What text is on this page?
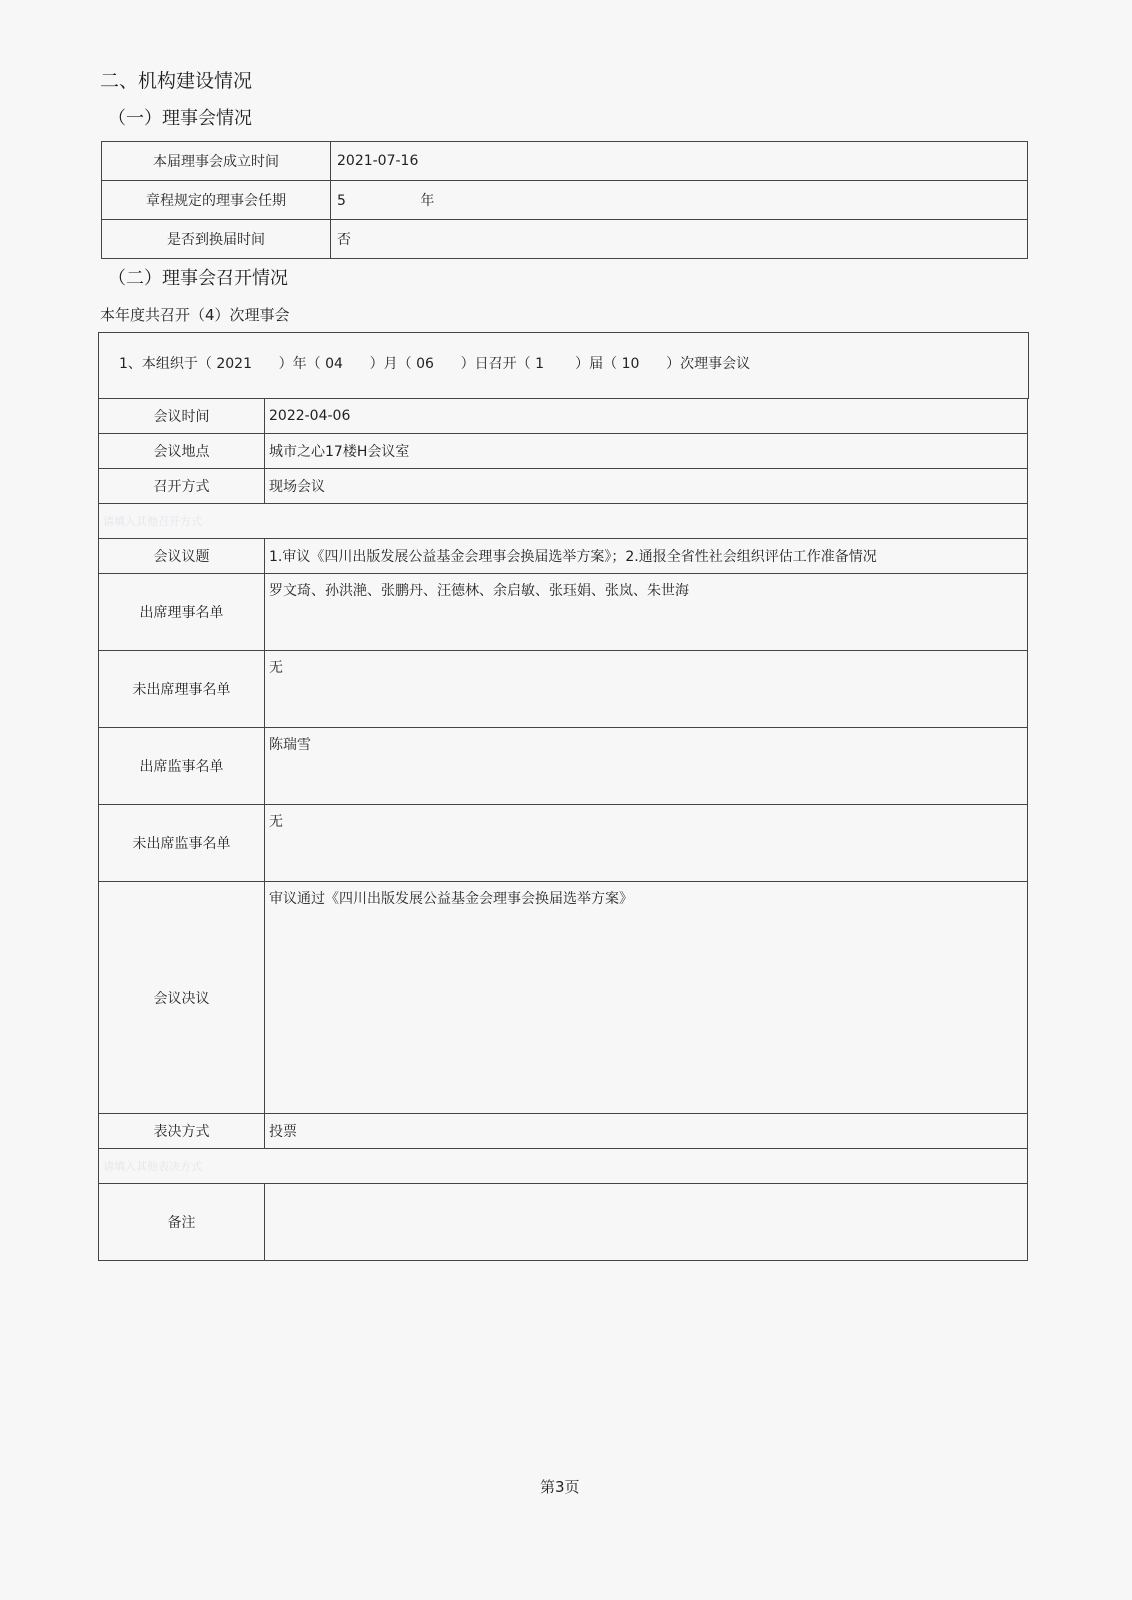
二、机构建设情况
（一）理事会情况
本届理事会成立时间	2021-07-16
章程规定的理事会任期	5 年
是否到换届时间	否
（二）理事会召开情况
本年度共召开（4）次理事会
1、本组织于（ 2021      ）年（ 04      ）月（ 06      ）日召开（ 1       ）届（ 10      ）次理事会议
会议时间	2022-04-06
会议地点	城市之心17楼H会议室
召开方式	现场会议
请填入其他召开方式	
会议议题	1.审议《四川出版发展公益基金会理事会换届选举方案》；2.通报全省性社会组织评估工作准备情况
出席理事名单	罗文琦、孙洪滟、张鹏丹、汪德林、余启敏、张珏娟、张岚、朱世海
未出席理事名单	无
出席监事名单	陈瑞雪
未出席监事名单	无
会议决议	审议通过《四川出版发展公益基金会理事会换届选举方案》
表决方式	投票
请填入其他表决方式	
备注	
第3页
